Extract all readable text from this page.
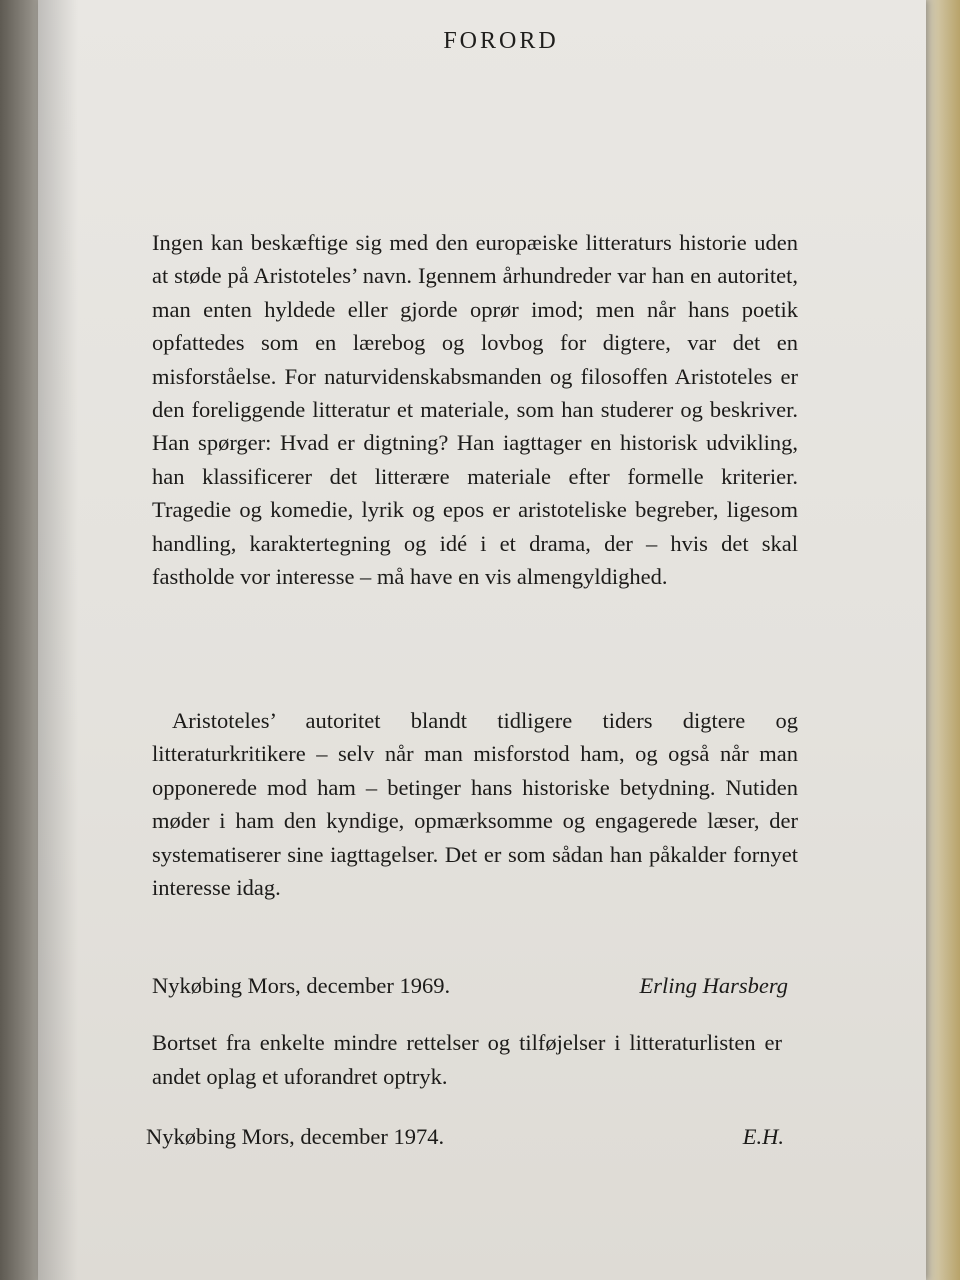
FORORD

Ingen kan beskæftige sig med den europæiske litteraturs historie uden at støde på Aristoteles’ navn. Igennem århundreder var han en autoritet, man enten hyldede eller gjorde oprør imod; men når hans poetik opfattedes som en lærebog og lovbog for digtere, var det en misforståelse. For naturvidenskabsmanden og filosoffen Aristoteles er den foreliggende litteratur et materiale, som han studerer og beskriver. Han spørger: Hvad er digtning? Han iagttager en historisk udvikling, han klassificerer det litterære materiale efter formelle kriterier. Tragedie og komedie, lyrik og epos er aristoteliske begreber, ligesom handling, karaktertegning og idé i et drama, der – hvis det skal fastholde vor interesse – må have en vis almengyldighed.

Aristoteles’ autoritet blandt tidligere tiders digtere og litteraturkritikere – selv når man misforstod ham, og også når man opponerede mod ham – betinger hans historiske betydning. Nutiden møder i ham den kyndige, opmærksomme og engagerede læser, der systematiserer sine iagttagelser. Det er som sådan han påkalder fornyet interesse idag.

Nykøbing Mors, december 1969.	Erling Harsberg

Bortset fra enkelte mindre rettelser og tilføjelser i litteraturlisten er andet oplag et uforandret optryk.

Nykøbing Mors, december 1974.	E.H.
